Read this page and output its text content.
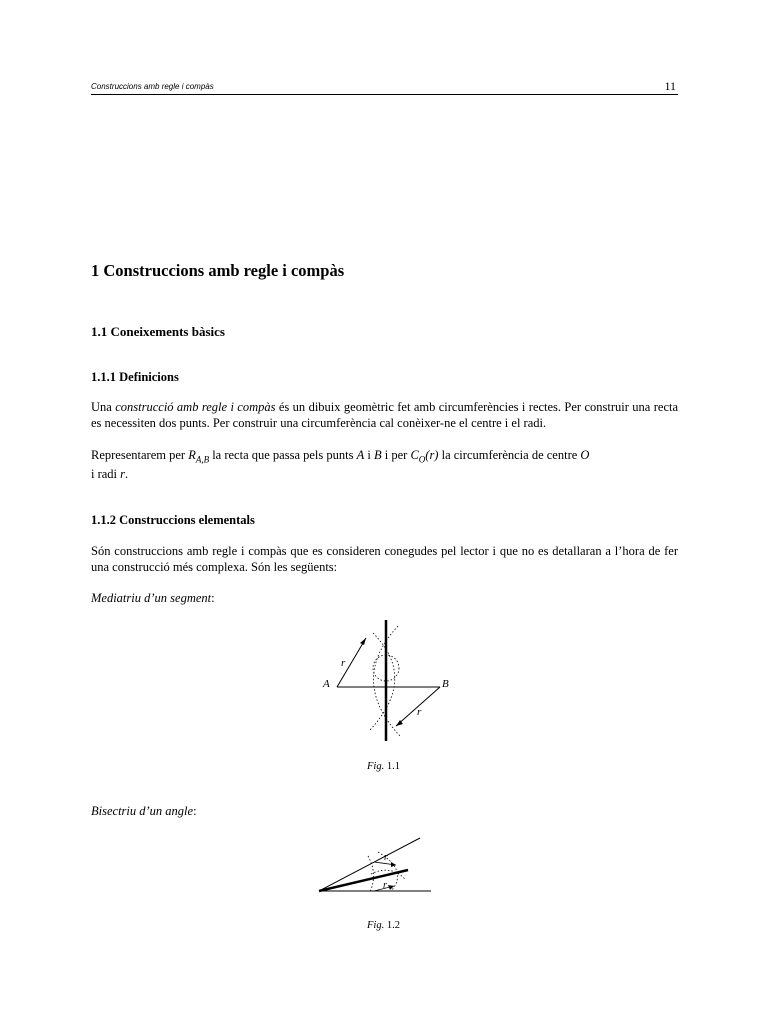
Construccions amb regle i compàs	11
1 Construccions amb regle i compàs
1.1 Coneixements bàsics
1.1.1 Definicions

Una construcció amb regle i compàs és un dibuix geomètric fet amb circumferències i rectes. Per construir una recta es necessiten dos punts. Per construir una circumferència cal conèixer-ne el centre i el radi.

Representarem per $R_{A,B}$ la recta que passa pels punts A i B i per $C_O(r)$ la circumferència de centre O
i radi r.
1.1.2 Construccions elementals

Són construccions amb regle i compàs que es consideren conegudes pel lector i que no es detallaran a l’hora de fer una construcció més complexa. Són les següents:

Mediatriu d’un segment:
A	B
r
r
Fig. 1.1
Bisectriu d’un angle:
r
r
Fig. 1.2
